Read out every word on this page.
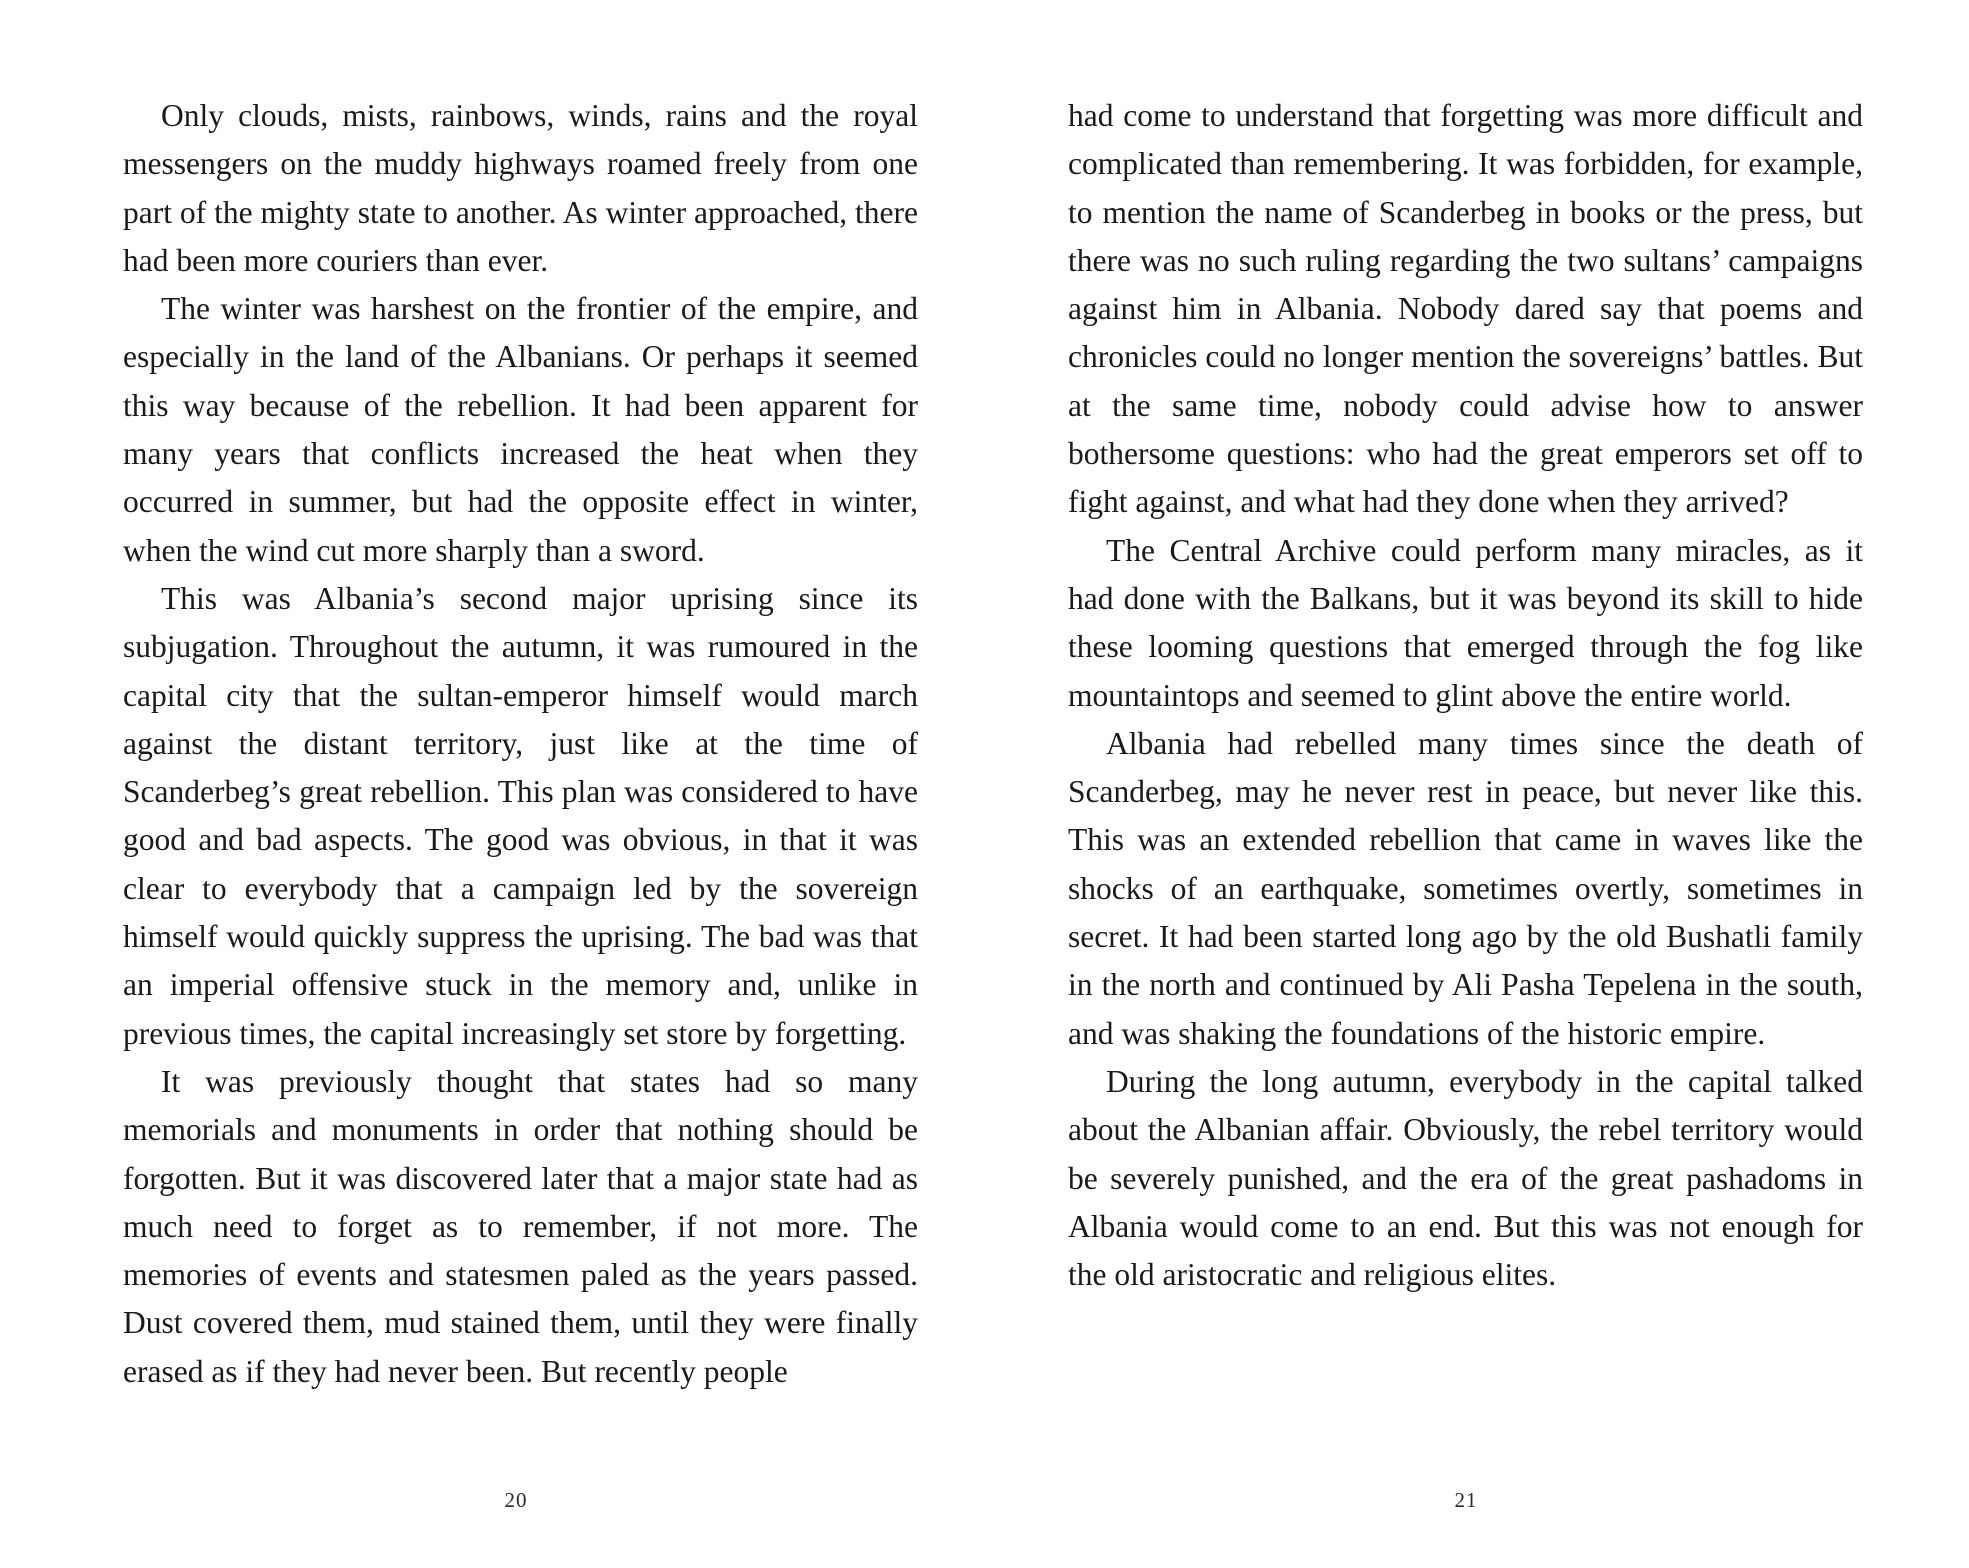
Only clouds, mists, rainbows, winds, rains and the royal messengers on the muddy highways roamed freely from one part of the mighty state to another. As winter approached, there had been more couriers than ever.

The winter was harshest on the frontier of the empire, and especially in the land of the Albanians. Or perhaps it seemed this way because of the rebellion. It had been apparent for many years that conflicts increased the heat when they occurred in summer, but had the opposite effect in winter, when the wind cut more sharply than a sword.

This was Albania’s second major uprising since its subjugation. Throughout the autumn, it was rumoured in the capital city that the sultan-emperor himself would march against the distant territory, just like at the time of Scanderbeg’s great rebellion. This plan was considered to have good and bad aspects. The good was obvious, in that it was clear to everybody that a campaign led by the sovereign himself would quickly suppress the uprising. The bad was that an imperial offensive stuck in the memory and, unlike in previous times, the capital increasingly set store by forgetting.

It was previously thought that states had so many memorials and monuments in order that nothing should be forgotten. But it was discovered later that a major state had as much need to forget as to remember, if not more. The memories of events and statesmen paled as the years passed. Dust covered them, mud stained them, until they were finally erased as if they had never been. But recently people

20

had come to understand that forgetting was more difficult and complicated than remembering. It was forbidden, for example, to mention the name of Scanderbeg in books or the press, but there was no such ruling regarding the two sultans’ campaigns against him in Albania. Nobody dared say that poems and chronicles could no longer mention the sovereigns’ battles. But at the same time, nobody could advise how to answer bothersome questions: who had the great emperors set off to fight against, and what had they done when they arrived?

The Central Archive could perform many miracles, as it had done with the Balkans, but it was beyond its skill to hide these looming questions that emerged through the fog like mountaintops and seemed to glint above the entire world.

Albania had rebelled many times since the death of Scanderbeg, may he never rest in peace, but never like this. This was an extended rebellion that came in waves like the shocks of an earthquake, sometimes overtly, sometimes in secret. It had been started long ago by the old Bushatli family in the north and continued by Ali Pasha Tepelena in the south, and was shaking the foundations of the historic empire.

During the long autumn, everybody in the capital talked about the Albanian affair. Obviously, the rebel territory would be severely punished, and the era of the great pashadoms in Albania would come to an end. But this was not enough for the old aristocratic and religious elites.

21
